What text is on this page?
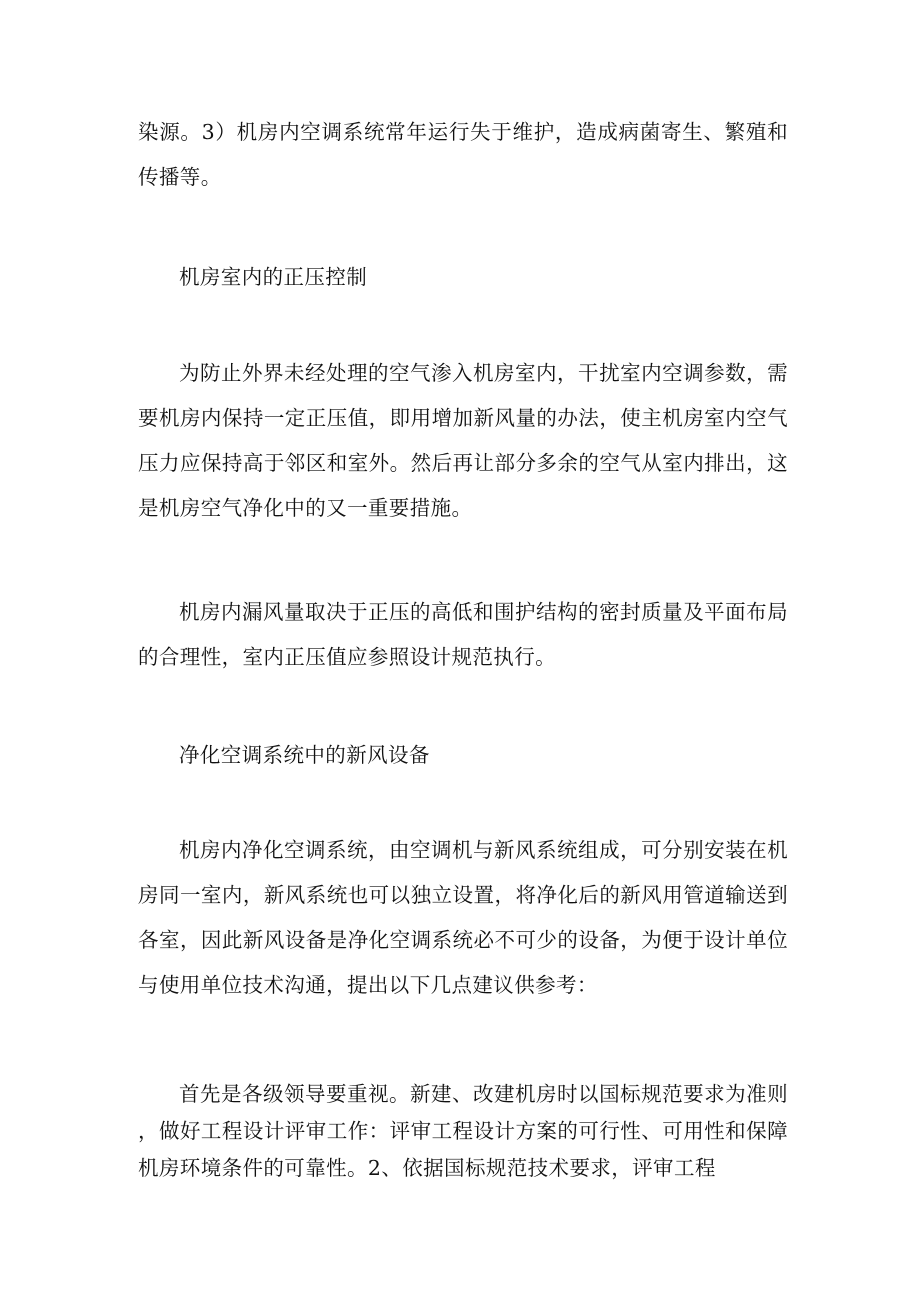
染源。3）机房内空调系统常年运行失于维护，造成病菌寄生、繁殖和传播等。

机房室内的正压控制

为防止外界未经处理的空气渗入机房室内，干扰室内空调参数，需要机房内保持一定正压值，即用增加新风量的办法，使主机房室内空气压力应保持高于邻区和室外。然后再让部分多余的空气从室内排出，这是机房空气净化中的又一重要措施。

机房内漏风量取决于正压的高低和围护结构的密封质量及平面布局的合理性，室内正压值应参照设计规范执行。

净化空调系统中的新风设备

机房内净化空调系统，由空调机与新风系统组成，可分别安装在机房同一室内，新风系统也可以独立设置，将净化后的新风用管道输送到各室，因此新风设备是净化空调系统必不可少的设备，为便于设计单位与使用单位技术沟通，提出以下几点建议供参考：

首先是各级领导要重视。新建、改建机房时以国标规范要求为准则，做好工程设计评审工作：评审工程设计方案的可行性、可用性和保障机房环境条件的可靠性。2、依据国标规范技术要求，评审工程
